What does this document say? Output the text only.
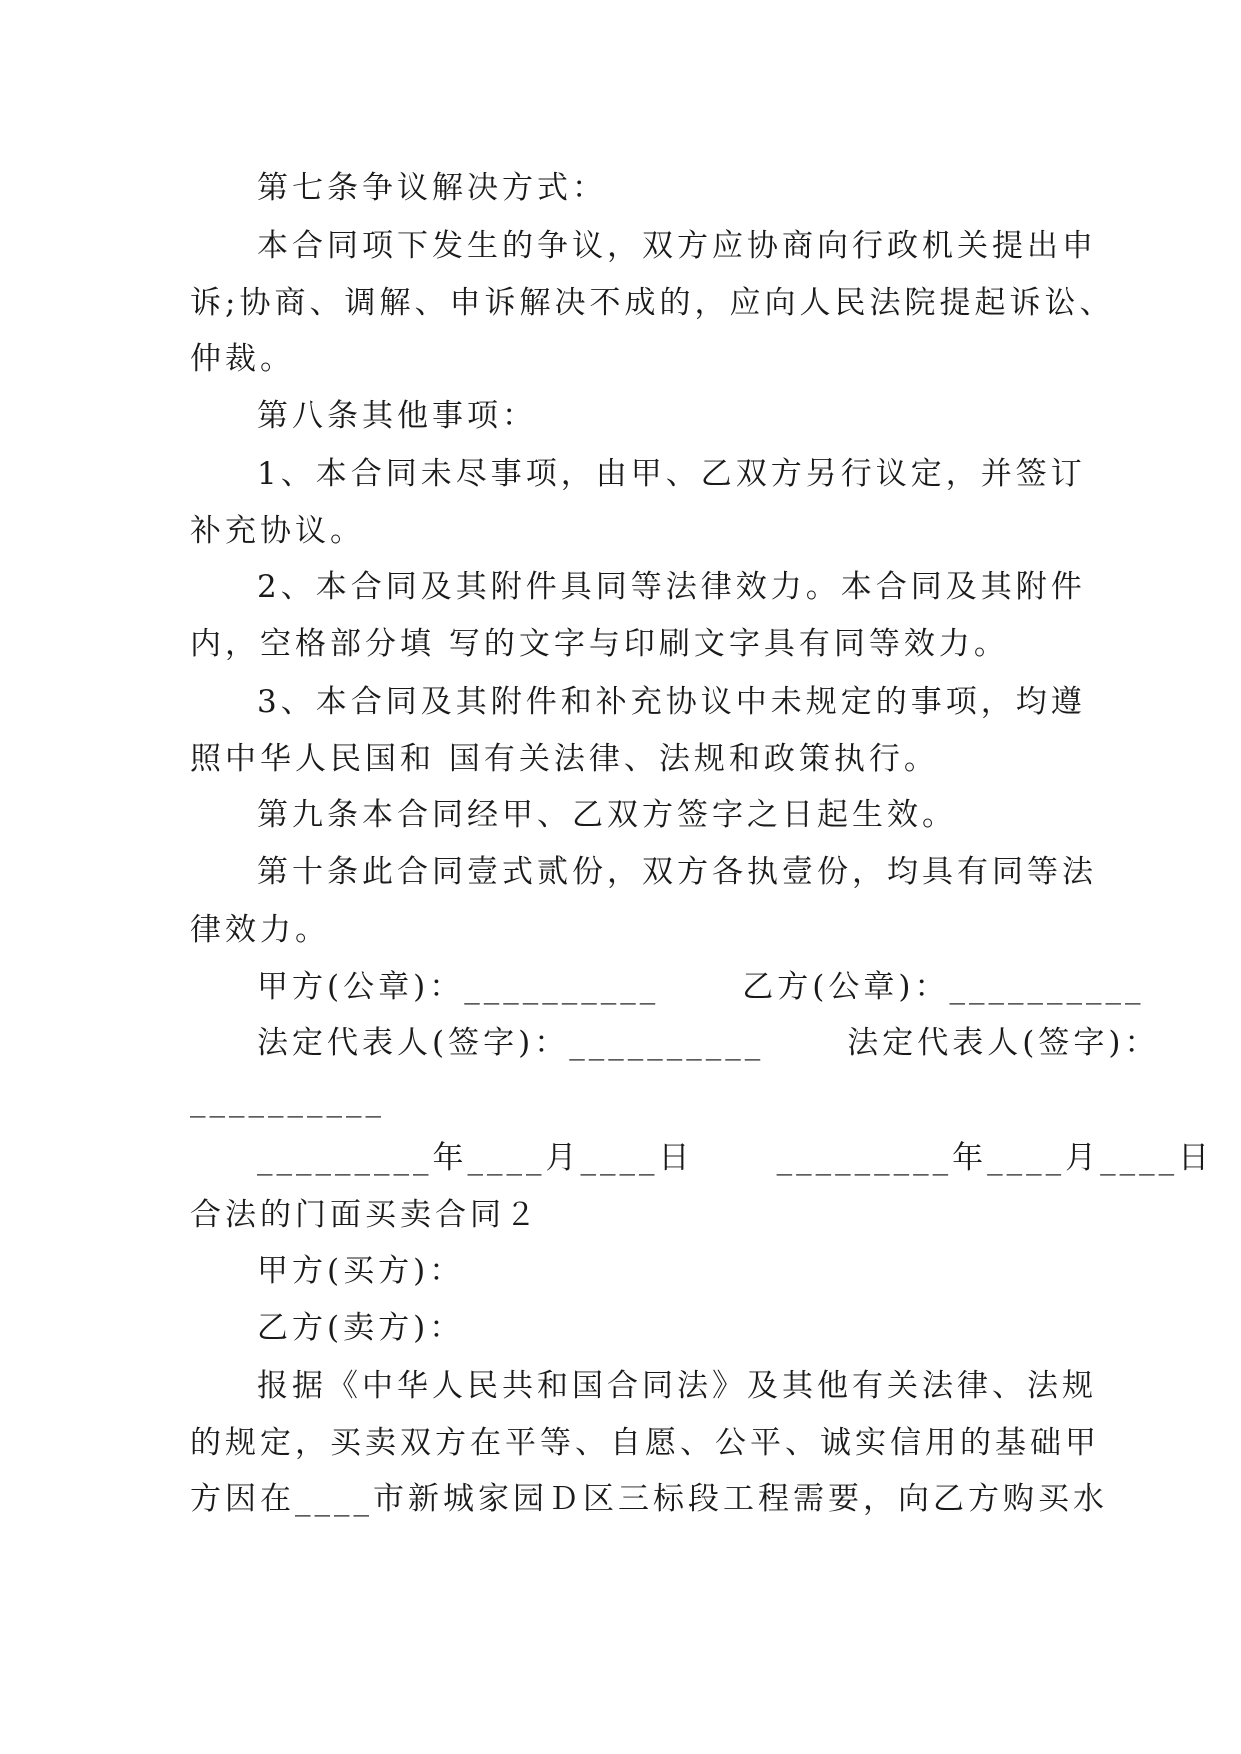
第七条争议解决方式：
本合同项下发生的争议，双方应协商向行政机关提出申
诉;协商、调解、申诉解决不成的，应向人民法院提起诉讼、
仲裁。
第八条其他事项：
1、本合同未尽事项，由甲、乙双方另行议定，并签订
补充协议。
2、本合同及其附件具同等法律效力。本合同及其附件
内，空格部分填 写的文字与印刷文字具有同等效力。
3、本合同及其附件和补充协议中未规定的事项，均遵
照中华人民国和 国有关法律、法规和政策执行。
第九条本合同经甲、乙双方签字之日起生效。
第十条此合同壹式贰份，双方各执壹份，均具有同等法
律效力。
甲方(公章)：__________      乙方(公章)：__________
法定代表人(签字)：__________      法定代表人(签字)：
__________
_________年____月____日      _________年____月____日
合法的门面买卖合同２
甲方(买方)：
乙方(卖方)：
报据《中华人民共和国合同法》及其他有关法律、法规
的规定，买卖双方在平等、自愿、公平、诚实信用的基础甲
方因在____市新城家园Ｄ区三标段工程需要，向乙方购买水
